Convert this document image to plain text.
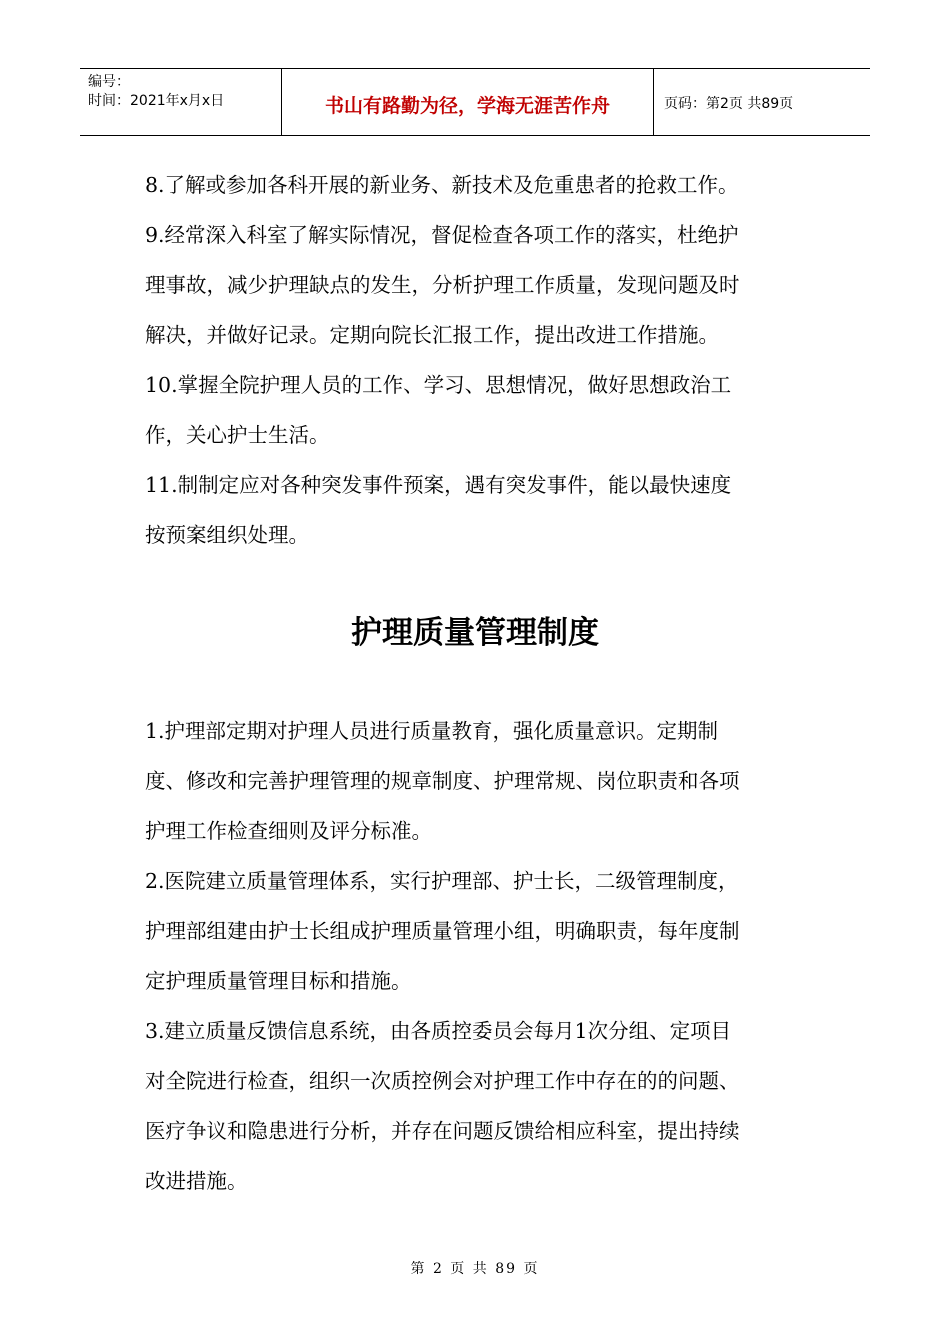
编号：
时间：2021年x月x日	书山有路勤为径，学海无涯苦作舟	页码：第2页 共89页

8.了解或参加各科开展的新业务、新技术及危重患者的抢救工作。

9.经常深入科室了解实际情况，督促检查各项工作的落实，杜绝护

理事故，减少护理缺点的发生，分析护理工作质量，发现问题及时

解决，并做好记录。定期向院长汇报工作，提出改进工作措施。

10.掌握全院护理人员的工作、学习、思想情况，做好思想政治工

作，关心护士生活。

11.制制定应对各种突发事件预案，遇有突发事件，能以最快速度

按预案组织处理。

护理质量管理制度

1.护理部定期对护理人员进行质量教育，强化质量意识。定期制

度、修改和完善护理管理的规章制度、护理常规、岗位职责和各项

护理工作检查细则及评分标准。

2.医院建立质量管理体系，实行护理部、护士长，二级管理制度，

护理部组建由护士长组成护理质量管理小组，明确职责，每年度制

定护理质量管理目标和措施。

3.建立质量反馈信息系统，由各质控委员会每月1次分组、定项目

对全院进行检查，组织一次质控例会对护理工作中存在的的问题、

医疗争议和隐患进行分析，并存在问题反馈给相应科室，提出持续

改进措施。

第 2 页 共 89 页
